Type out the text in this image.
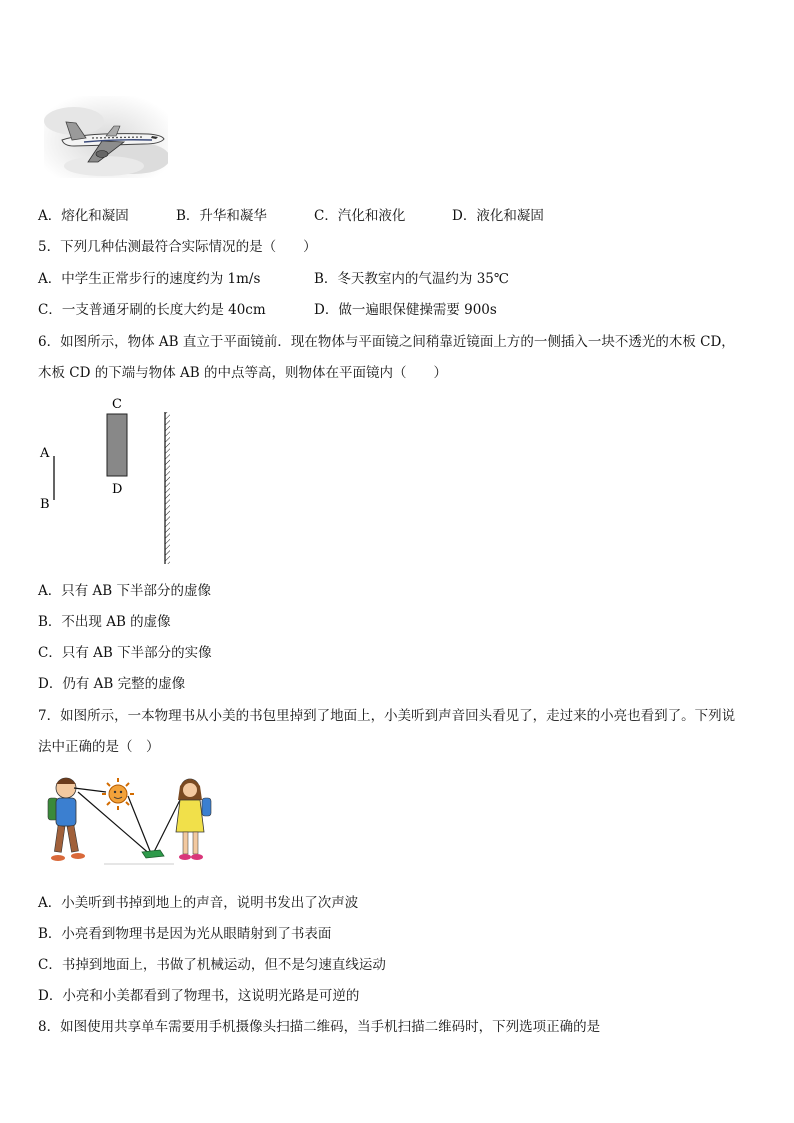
A．熔化和凝固	B．升华和凝华	C．汽化和液化	D．液化和凝固
5．下列几种估测最符合实际情况的是（　　）
A．中学生正常步行的速度约为 1m/s	B．冬天教室内的气温约为 35℃
C．一支普通牙刷的长度大约是 40cm	D．做一遍眼保健操需要 900s
6．如图所示，物体 AB 直立于平面镜前．现在物体与平面镜之间稍靠近镜面上方的一侧插入一块不透光的木板 CD，
木板 CD 的下端与物体 AB 的中点等高，则物体在平面镜内（　　）
C
D
A
B
A．只有 AB 下半部分的虚像
B．不出现 AB 的虚像
C．只有 AB 下半部分的实像
D．仍有 AB 完整的虚像
7．如图所示，一本物理书从小美的书包里掉到了地面上，小美听到声音回头看见了，走过来的小亮也看到了。下列说
法中正确的是（　）
A．小美听到书掉到地上的声音，说明书发出了次声波
B．小亮看到物理书是因为光从眼睛射到了书表面
C．书掉到地面上，书做了机械运动，但不是匀速直线运动
D．小亮和小美都看到了物理书，这说明光路是可逆的
8．如图使用共享单车需要用手机摄像头扫描二维码，当手机扫描二维码时，下列选项正确的是
